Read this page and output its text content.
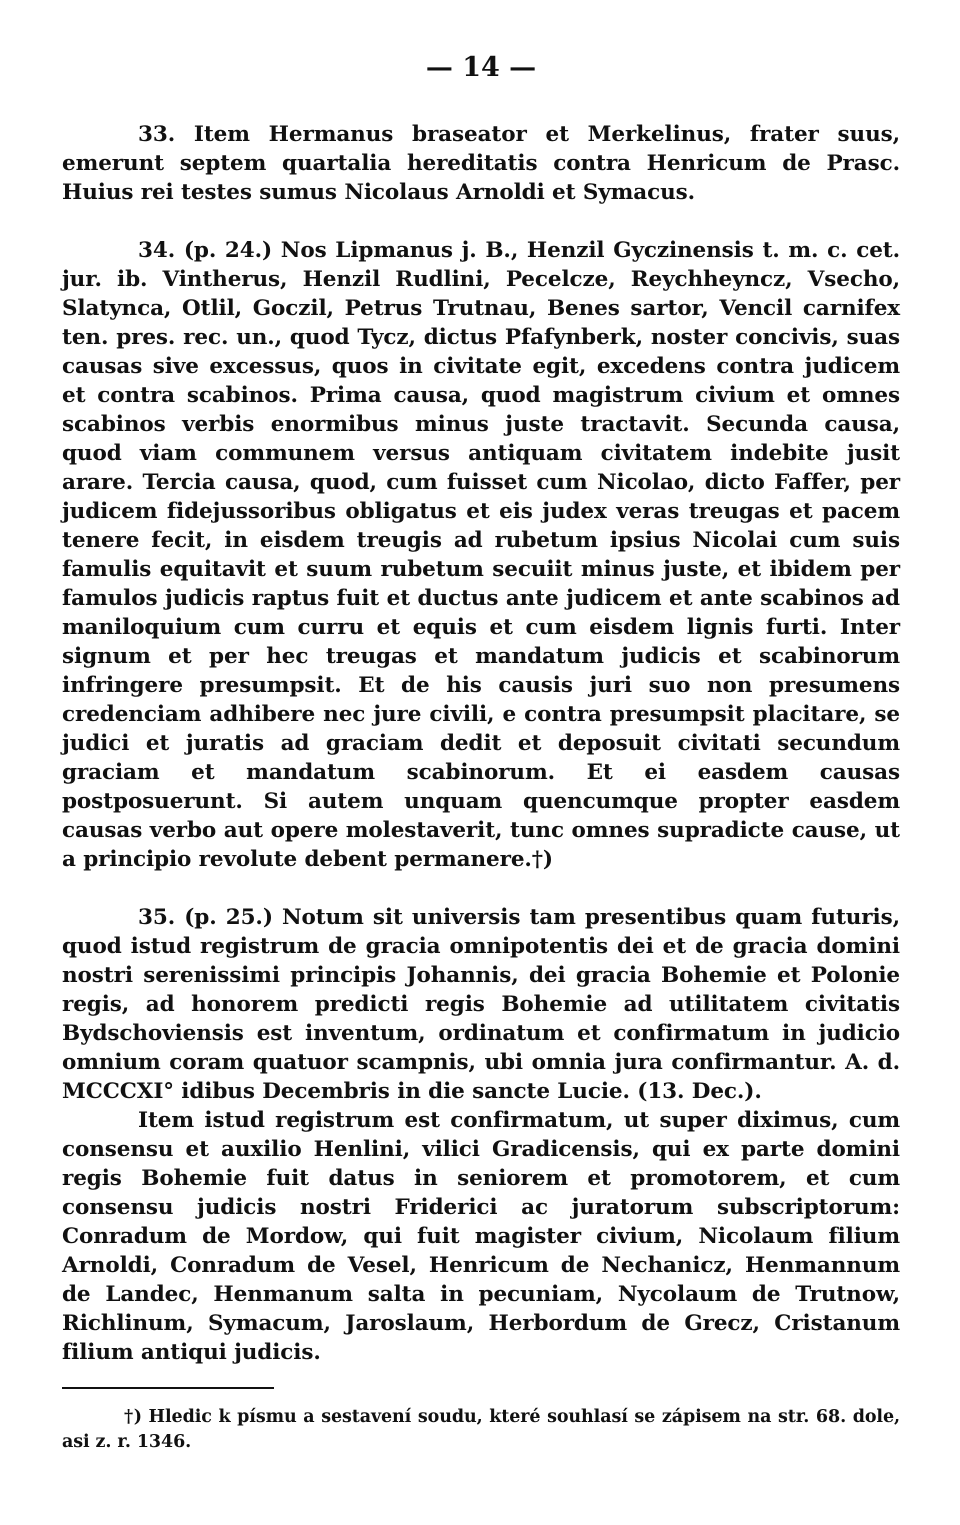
— 14 —

33. Item Hermanus braseator et Merkelinus, frater suus, emerunt septem quartalia hereditatis contra Henricum de Prasc. Huius rei testes sumus Nicolaus Arnoldi et Symacus.

34. (p. 24.) Nos Lipmanus j. B., Henzil Gyczinensis t. m. c. cet. jur. ib. Vintherus, Henzil Rudlini, Pecelcze, Reychheyncz, Vsecho, Slatynca, Otlil, Goczil, Petrus Trutnau, Benes sartor, Vencil carnifex ten. pres. rec. un., quod Tycz, dictus Pfafynberk, noster concivis, suas causas sive excessus, quos in civitate egit, excedens contra judicem et contra scabinos. Prima causa, quod magistrum civium et omnes scabinos verbis enormibus minus juste tractavit. Secunda causa, quod viam communem versus antiquam civitatem indebite jusit arare. Tercia causa, quod, cum fuisset cum Nicolao, dicto Faffer, per judicem fidejussoribus obligatus et eis judex veras treugas et pacem tenere fecit, in eisdem treugis ad rubetum ipsius Nicolai cum suis famulis equitavit et suum rubetum secuiit minus juste, et ibidem per famulos judicis raptus fuit et ductus ante judicem et ante scabinos ad maniloquium cum curru et equis et cum eisdem lignis furti. Inter signum et per hec treugas et mandatum judicis et scabinorum infringere presumpsit. Et de his causis juri suo non presumens credenciam adhibere nec jure civili, e contra presumpsit placitare, se judici et juratis ad graciam dedit et deposuit civitati secundum graciam et mandatum scabinorum. Et ei easdem causas postposuerunt. Si autem unquam quencumque propter easdem causas verbo aut opere molestaverit, tunc omnes supradicte cause, ut a principio revolute debent permanere.†)

35. (p. 25.) Notum sit universis tam presentibus quam futuris, quod istud registrum de gracia omnipotentis dei et de gracia domini nostri serenissimi principis Johannis, dei gracia Bohemie et Polonie regis, ad honorem predicti regis Bohemie ad utilitatem civitatis Bydschoviensis est inventum, ordinatum et confirmatum in judicio omnium coram quatuor scampnis, ubi omnia jura confirmantur. A. d. MCCCXI° idibus Decembris in die sancte Lucie. (13. Dec.).

Item istud registrum est confirmatum, ut super diximus, cum consensu et auxilio Henlini, vilici Gradicensis, qui ex parte domini regis Bohemie fuit datus in seniorem et promotorem, et cum consensu judicis nostri Friderici ac juratorum subscriptorum: Conradum de Mordow, qui fuit magister civium, Nicolaum filium Arnoldi, Conradum de Vesel, Henricum de Nechanicz, Henmannum de Landec, Henmanum salta in pecuniam, Nycolaum de Trutnow, Richlinum, Symacum, Jaroslaum, Herbordum de Grecz, Cristanum filium antiqui judicis.

†) Hledic k písmu a sestavení soudu, které souhlasí se zápisem na str. 68. dole, asi z. r. 1346.
